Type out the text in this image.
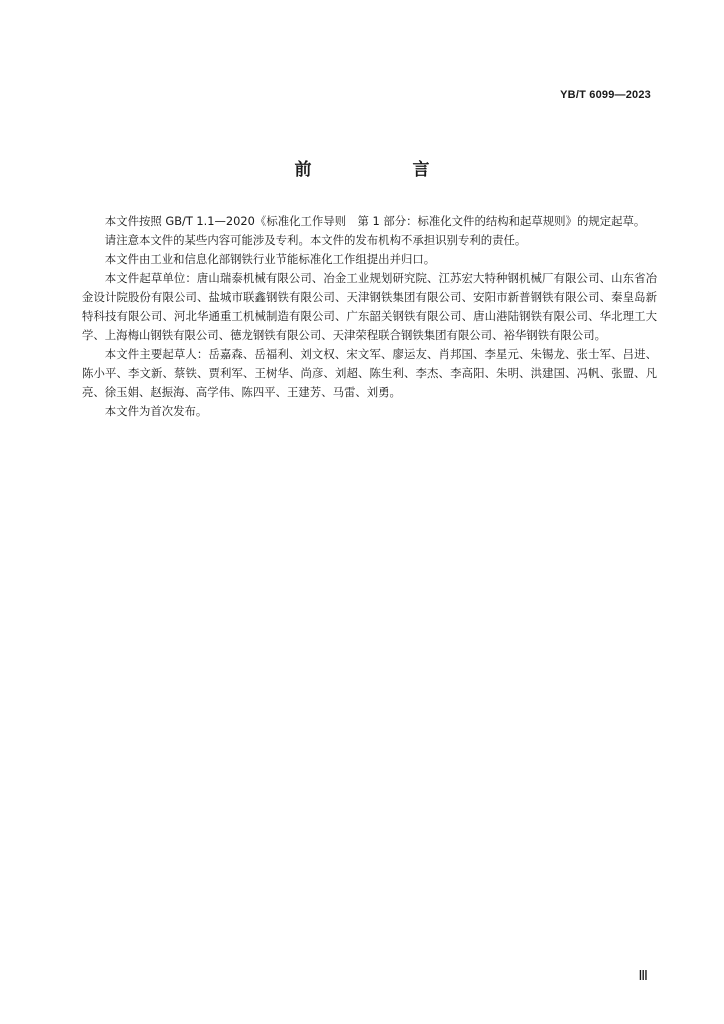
YB/T 6099—2023
前　言

本文件按照 GB/T 1.1—2020《标准化工作导则　第 1 部分：标准化文件的结构和起草规则》的规定起草。

请注意本文件的某些内容可能涉及专利。本文件的发布机构不承担识别专利的责任。

本文件由工业和信息化部钢铁行业节能标准化工作组提出并归口。

本文件起草单位：唐山瑞泰机械有限公司、冶金工业规划研究院、江苏宏大特种钢机械厂有限公司、山东省冶金设计院股份有限公司、盐城市联鑫钢铁有限公司、天津钢铁集团有限公司、安阳市新普钢铁有限公司、秦皇岛新特科技有限公司、河北华通重工机械制造有限公司、广东韶关钢铁有限公司、唐山港陆钢铁有限公司、华北理工大学、上海梅山钢铁有限公司、德龙钢铁有限公司、天津荣程联合钢铁集团有限公司、裕华钢铁有限公司。

本文件主要起草人：岳嘉森、岳福利、刘文权、宋文军、廖运友、肖邦国、李星元、朱锡龙、张士军、吕进、陈小平、李文新、蔡铁、贾利军、王树华、尚彦、刘超、陈生利、李杰、李高阳、朱明、洪建国、冯帆、张盟、凡亮、徐玉娟、赵振海、高学伟、陈四平、王建芳、马雷、刘勇。

本文件为首次发布。

Ⅲ
